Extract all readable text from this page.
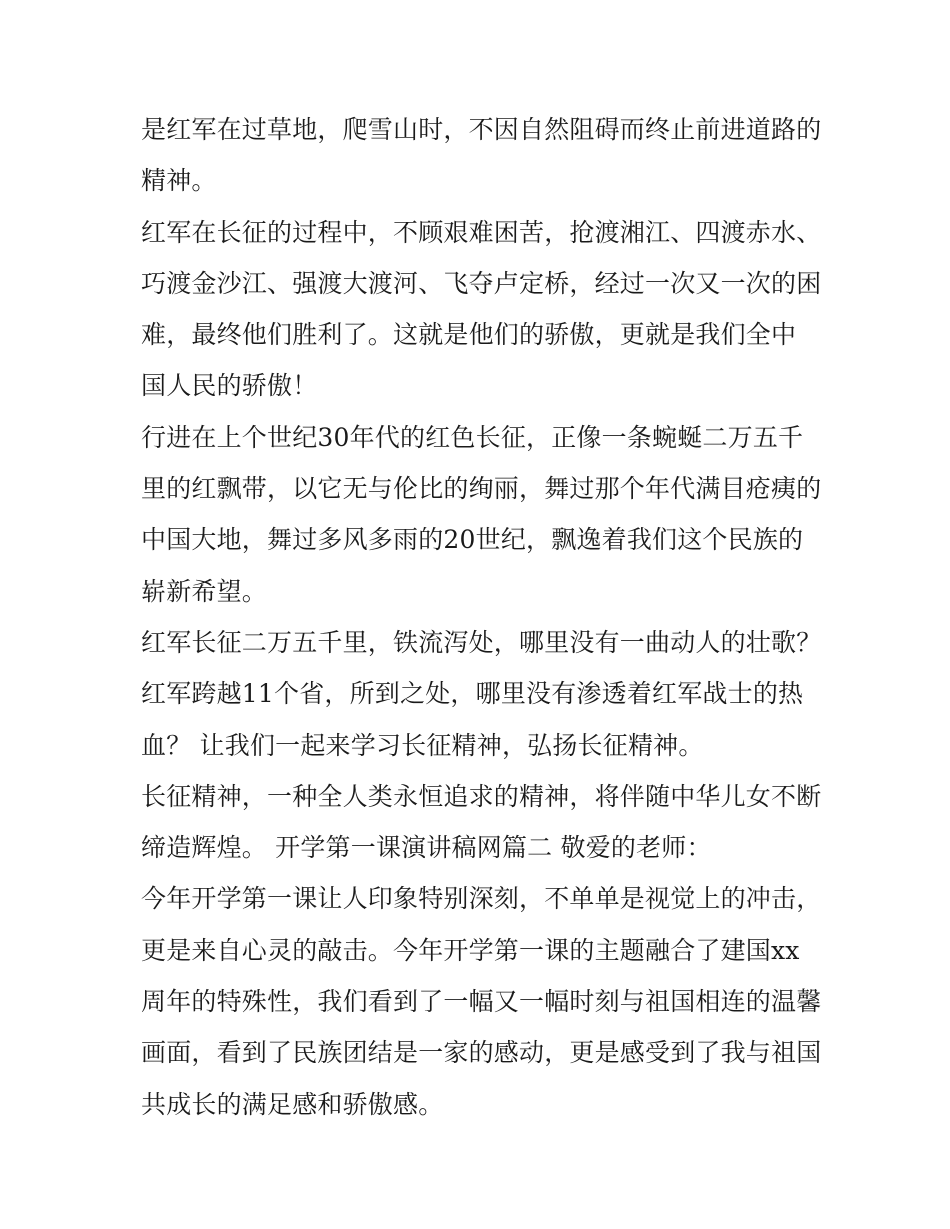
是红军在过草地，爬雪山时，不因自然阻碍而终止前进道路的
精神。
红军在长征的过程中，不顾艰难困苦，抢渡湘江、四渡赤水、
巧渡金沙江、强渡大渡河、飞夺卢定桥，经过一次又一次的困
难，最终他们胜利了。这就是他们的骄傲，更就是我们全中
国人民的骄傲！
行进在上个世纪30年代的红色长征，正像一条蜿蜒二万五千
里的红飘带，以它无与伦比的绚丽，舞过那个年代满目疮痍的
中国大地，舞过多风多雨的20世纪，飘逸着我们这个民族的
崭新希望。
红军长征二万五千里，铁流泻处，哪里没有一曲动人的壮歌？
红军跨越11个省，所到之处，哪里没有渗透着红军战士的热
血？ 让我们一起来学习长征精神，弘扬长征精神。
长征精神，一种全人类永恒追求的精神，将伴随中华儿女不断
缔造辉煌。 开学第一课演讲稿网篇二 敬爱的老师：
今年开学第一课让人印象特别深刻，不单单是视觉上的冲击，
更是来自心灵的敲击。今年开学第一课的主题融合了建国xx
周年的特殊性，我们看到了一幅又一幅时刻与祖国相连的温馨
画面，看到了民族团结是一家的感动，更是感受到了我与祖国
共成长的满足感和骄傲感。
